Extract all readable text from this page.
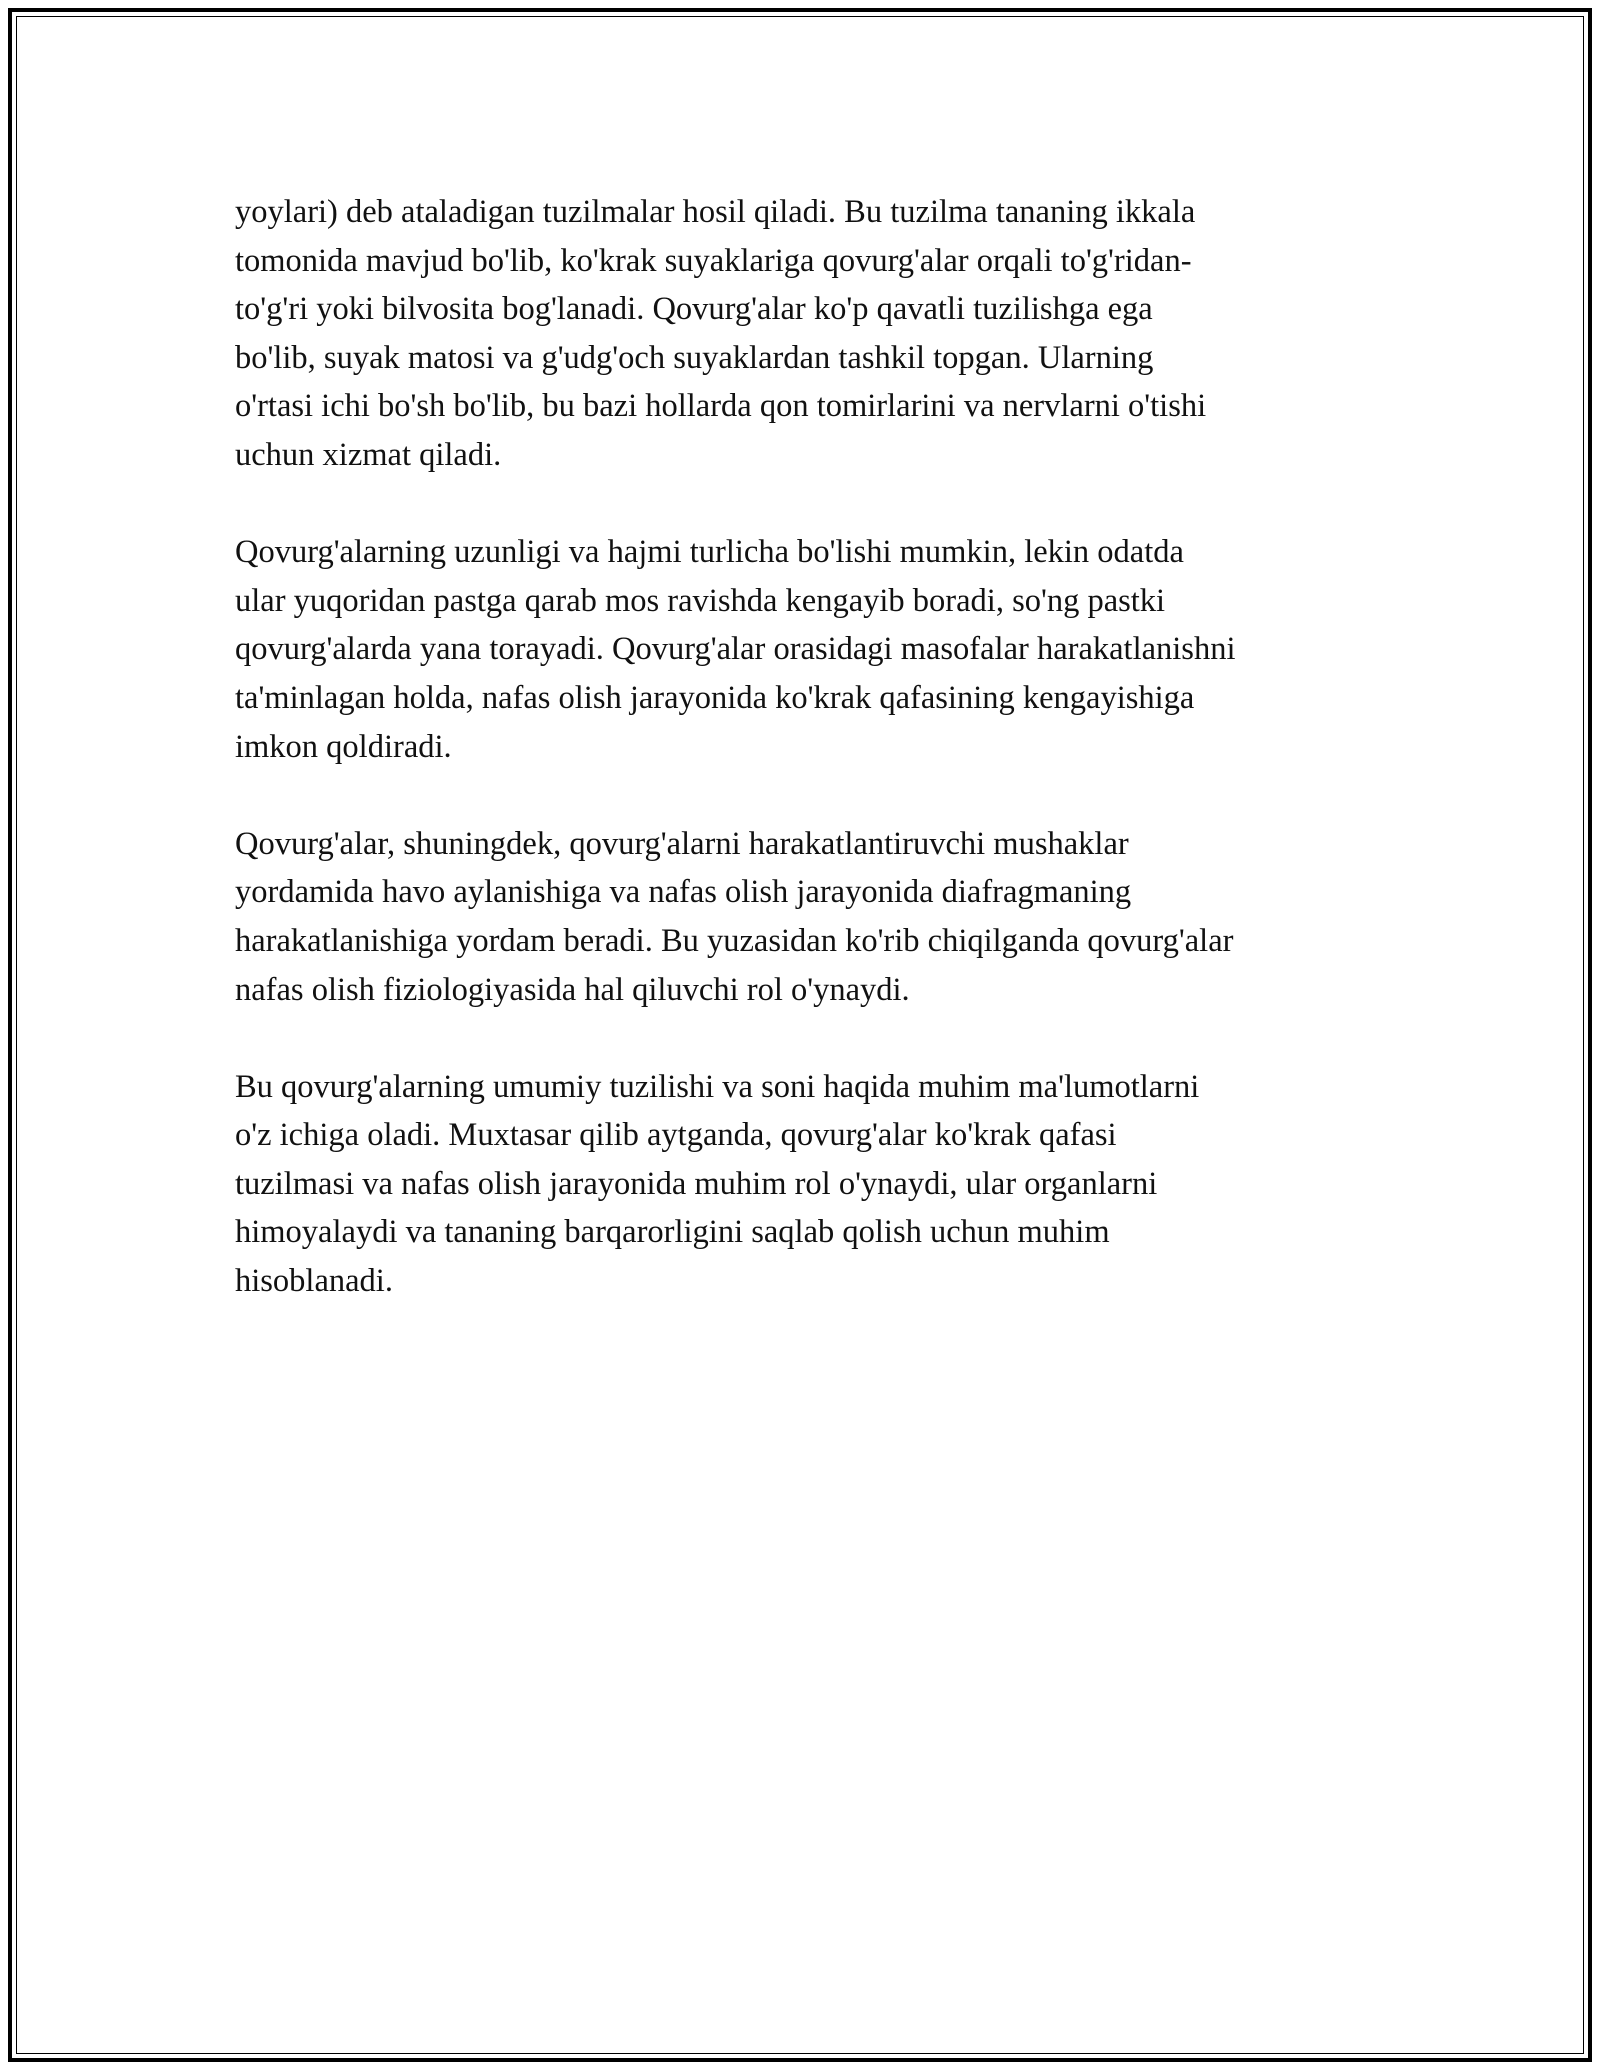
yoylari) deb ataladigan tuzilmalar hosil qiladi. Bu tuzilma tananing ikkala
tomonida mavjud bo'lib, ko'krak suyaklariga qovurg'alar orqali to'g'ridan-
to'g'ri yoki bilvosita bog'lanadi. Qovurg'alar ko'p qavatli tuzilishga ega
bo'lib, suyak matosi va g'udg'och suyaklardan tashkil topgan. Ularning
o'rtasi ichi bo'sh bo'lib, bu bazi hollarda qon tomirlarini va nervlarni o'tishi
uchun xizmat qiladi.

Qovurg'alarning uzunligi va hajmi turlicha bo'lishi mumkin, lekin odatda
ular yuqoridan pastga qarab mos ravishda kengayib boradi, so'ng pastki
qovurg'alarda yana torayadi. Qovurg'alar orasidagi masofalar harakatlanishni
ta'minlagan holda, nafas olish jarayonida ko'krak qafasining kengayishiga
imkon qoldiradi.

Qovurg'alar, shuningdek, qovurg'alarni harakatlantiruvchi mushaklar
yordamida havo aylanishiga va nafas olish jarayonida diafragmaning
harakatlanishiga yordam beradi. Bu yuzasidan ko'rib chiqilganda qovurg'alar
nafas olish fiziologiyasida hal qiluvchi rol o'ynaydi.

Bu qovurg'alarning umumiy tuzilishi va soni haqida muhim ma'lumotlarni
o'z ichiga oladi. Muxtasar qilib aytganda, qovurg'alar ko'krak qafasi
tuzilmasi va nafas olish jarayonida muhim rol o'ynaydi, ular organlarni
himoyalaydi va tananing barqarorligini saqlab qolish uchun muhim
hisoblanadi.
